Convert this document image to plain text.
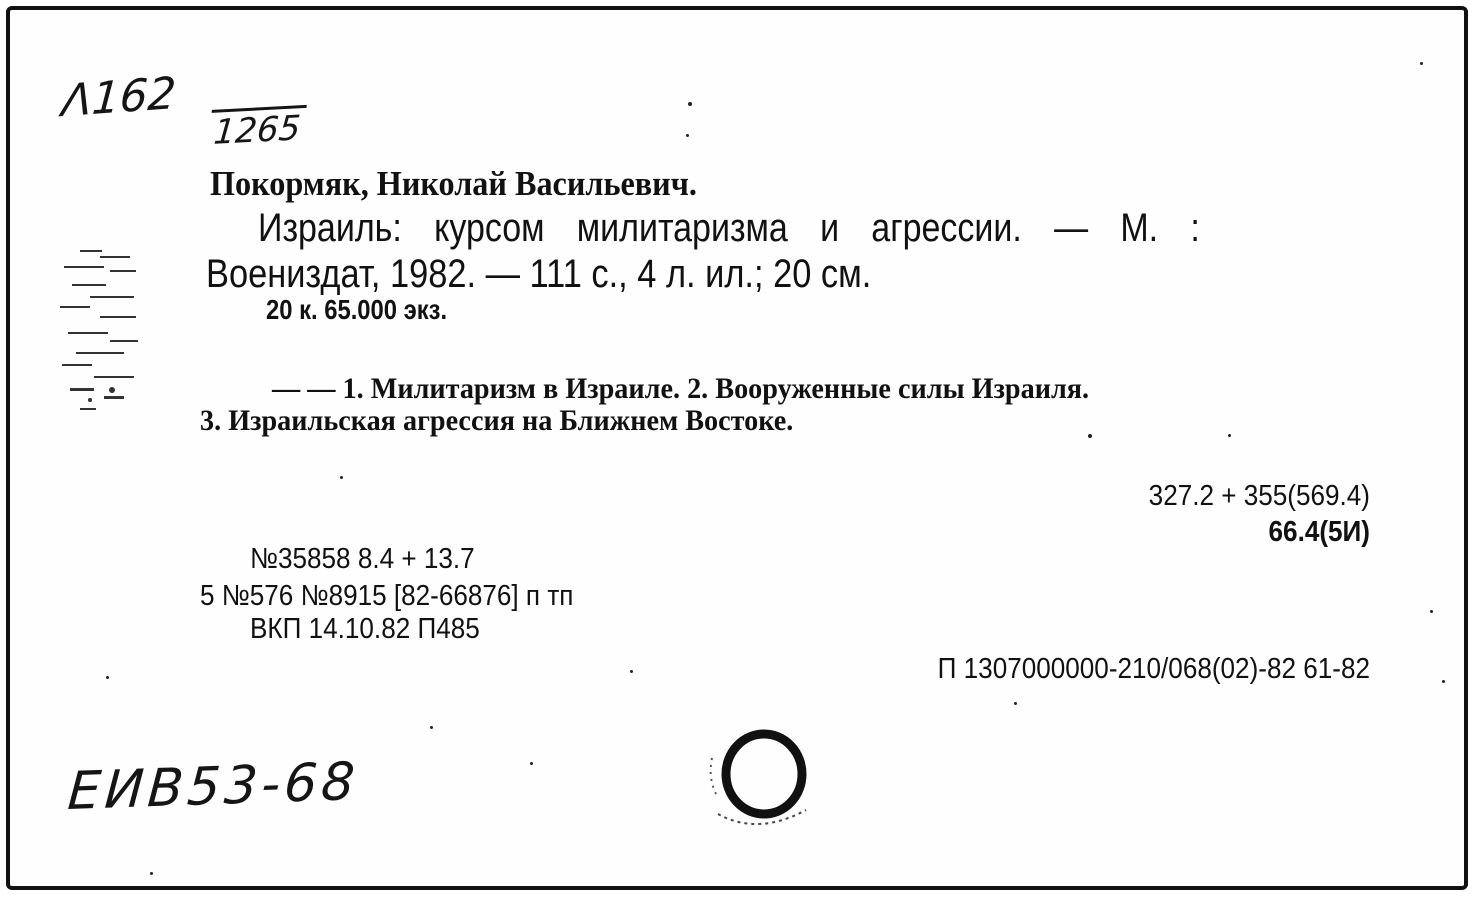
Λ162
1265
Покормяк, Николай Васильевич.
Израиль: курсом милитаризма и агрессии. — М. :
Воениздат, 1982. — 111 с., 4 л. ил.; 20 см.
20 к. 65.000 экз.
— — 1. Милитаризм в Израиле. 2. Вооруженные силы Израиля.
3. Израильская агрессия на Ближнем Востоке.
327.2 + 355(569.4)
66.4(5И)
№35858 8.4 + 13.7
5 №576 №8915 [82-66876] п тп
ВКП 14.10.82 П485
П 1307000000-210/068(02)-82 61-82
ЕИВ53-68
